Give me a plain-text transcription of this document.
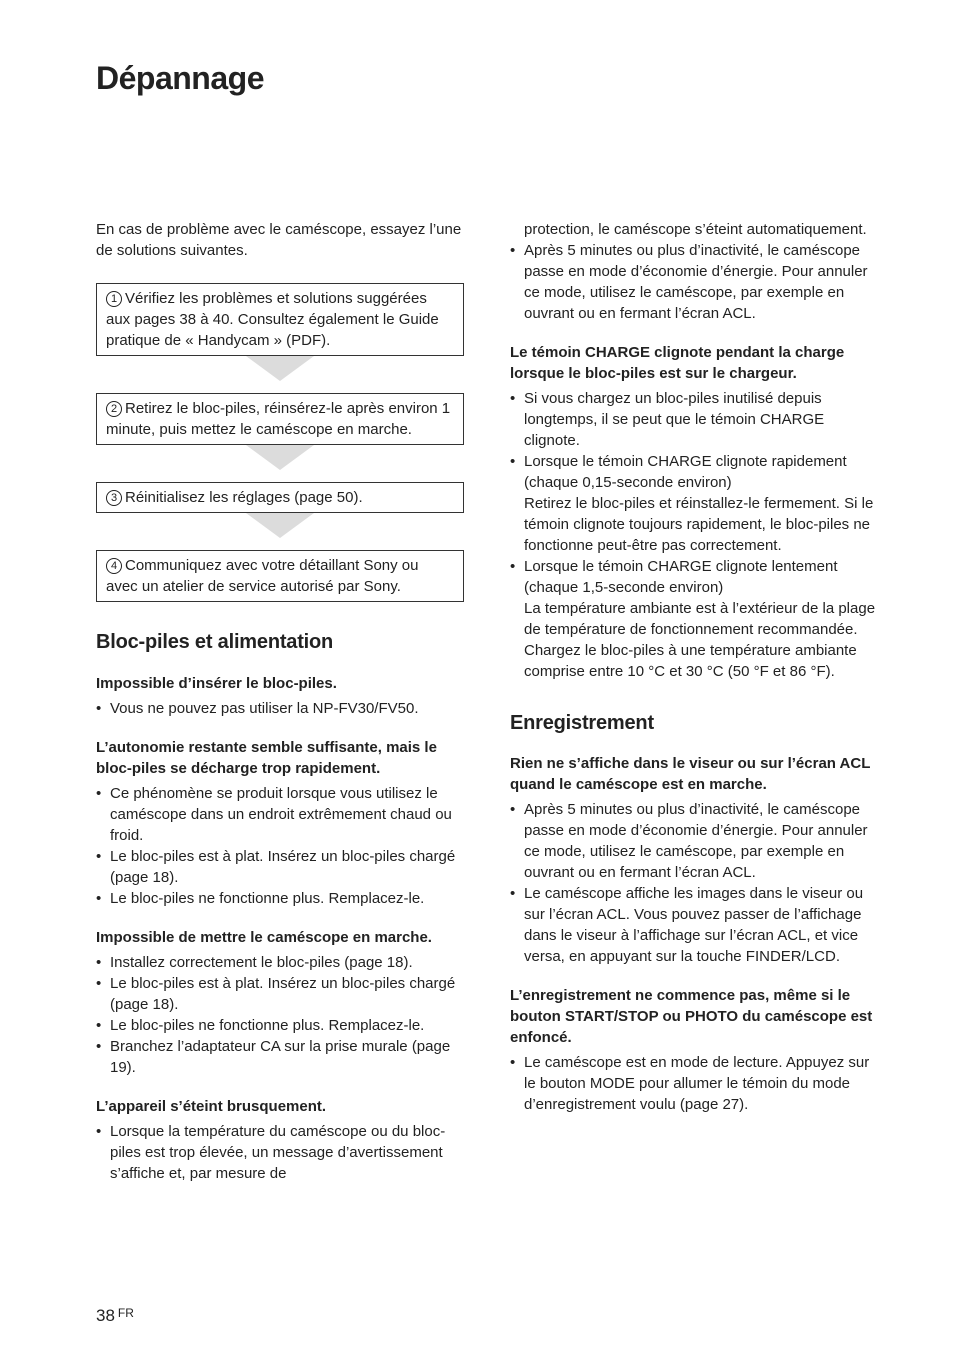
Dépannage

En cas de problème avec le caméscope, essayez l’une de solutions suivantes.

1 Vérifiez les problèmes et solutions suggérées aux pages 38 à 40. Consultez également le Guide pratique de « Handycam » (PDF).
2 Retirez le bloc-piles, réinsérez-le après environ 1 minute, puis mettez le caméscope en marche.
3 Réinitialisez les réglages (page 50).
4 Communiquez avec votre détaillant Sony ou avec un atelier de service autorisé par Sony.
Bloc-piles et alimentation
Impossible d’insérer le bloc-piles.
• Vous ne pouvez pas utiliser la NP-FV30/FV50.
L’autonomie restante semble suffisante, mais le bloc-piles se décharge trop rapidement.
• Ce phénomène se produit lorsque vous utilisez le caméscope dans un endroit extrêmement chaud ou froid.
• Le bloc-piles est à plat. Insérez un bloc-piles chargé (page 18).
• Le bloc-piles ne fonctionne plus. Remplacez-le.
Impossible de mettre le caméscope en marche.
• Installez correctement le bloc-piles (page 18).
• Le bloc-piles est à plat. Insérez un bloc-piles chargé (page 18).
• Le bloc-piles ne fonctionne plus. Remplacez-le.
• Branchez l’adaptateur CA sur la prise murale (page 19).
L’appareil s’éteint brusquement.
• Lorsque la température du caméscope ou du bloc-piles est trop élevée, un message d’avertissement s’affiche et, par mesure de

protection, le caméscope s’éteint automatiquement.

• Après 5 minutes ou plus d’inactivité, le caméscope passe en mode d’économie d’énergie. Pour annuler ce mode, utilisez le caméscope, par exemple en ouvrant ou en fermant l’écran ACL.
Le témoin CHARGE clignote pendant la charge lorsque le bloc-piles est sur le chargeur.
• Si vous chargez un bloc-piles inutilisé depuis longtemps, il se peut que le témoin CHARGE clignote.
• Lorsque le témoin CHARGE clignote rapidement (chaque 0,15-seconde environ)
Retirez le bloc-piles et réinstallez-le fermement. Si le témoin clignote toujours rapidement, le bloc-piles ne fonctionne peut-être pas correctement.
• Lorsque le témoin CHARGE clignote lentement (chaque 1,5-seconde environ)
La température ambiante est à l’extérieur de la plage de température de fonctionnement recommandée. Chargez le bloc-piles à une température ambiante comprise entre 10 °C et 30 °C (50 °F et 86 °F).
Enregistrement
Rien ne s’affiche dans le viseur ou sur l’écran ACL quand le caméscope est en marche.
• Après 5 minutes ou plus d’inactivité, le caméscope passe en mode d’économie d’énergie. Pour annuler ce mode, utilisez le caméscope, par exemple en ouvrant ou en fermant l’écran ACL.
• Le caméscope affiche les images dans le viseur ou sur l’écran ACL. Vous pouvez passer de l’affichage dans le viseur à l’affichage sur l’écran ACL, et vice versa, en appuyant sur la touche FINDER/LCD.
L’enregistrement ne commence pas, même si le bouton START/STOP ou PHOTO du caméscope est enfoncé.
• Le caméscope est en mode de lecture. Appuyez sur le bouton MODE pour allumer le témoin du mode d’enregistrement voulu (page 27).
38 $^{FR}$
